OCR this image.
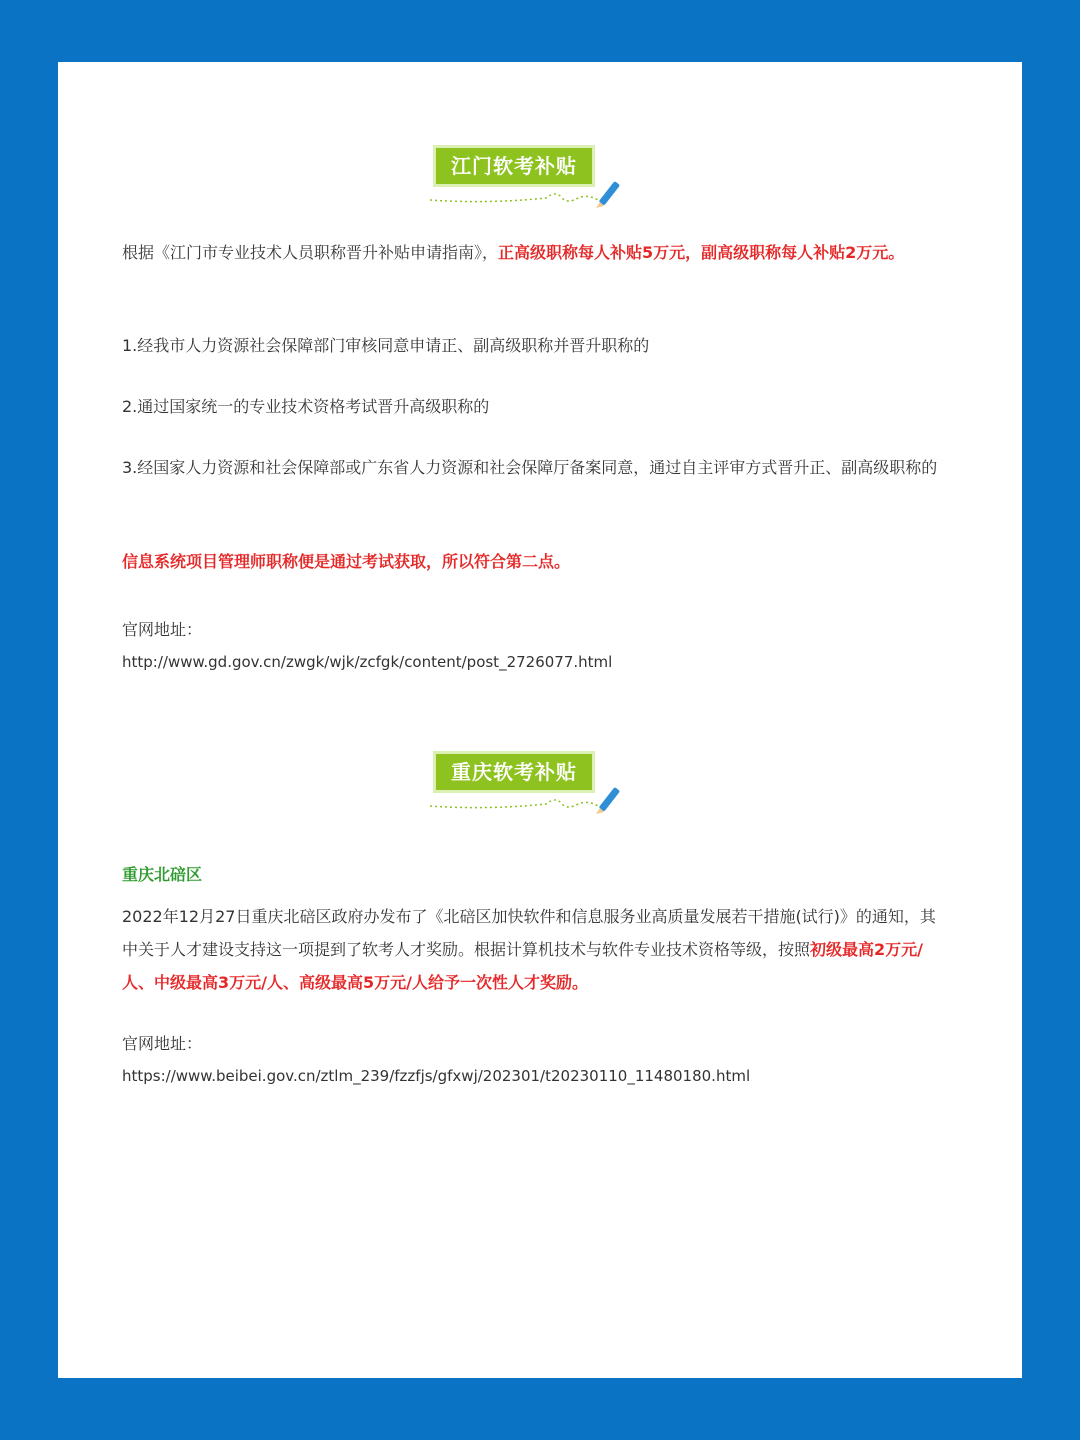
江门软考补贴

根据《江门市专业技术人员职称晋升补贴申请指南》，正高级职称每人补贴5万元，副高级职称每人补贴2万元。

1.经我市人力资源社会保障部门审核同意申请正、副高级职称并晋升职称的

2.通过国家统一的专业技术资格考试晋升高级职称的

3.经国家人力资源和社会保障部或广东省人力资源和社会保障厅备案同意，通过自主评审方式晋升正、副高级职称的

信息系统项目管理师职称便是通过考试获取，所以符合第二点。

官网地址：

http://www.gd.gov.cn/zwgk/wjk/zcfgk/content/post_2726077.html

重庆软考补贴

重庆北碚区

2022年12月27日重庆北碚区政府办发布了《北碚区加快软件和信息服务业高质量发展若干措施(试行)》的通知，其中关于人才建设支持这一项提到了软考人才奖励。根据计算机技术与软件专业技术资格等级，按照初级最高2万元/人、中级最高3万元/人、高级最高5万元/人给予一次性人才奖励。

官网地址：

https://www.beibei.gov.cn/ztlm_239/fzzfjs/gfxwj/202301/t20230110_11480180.html
